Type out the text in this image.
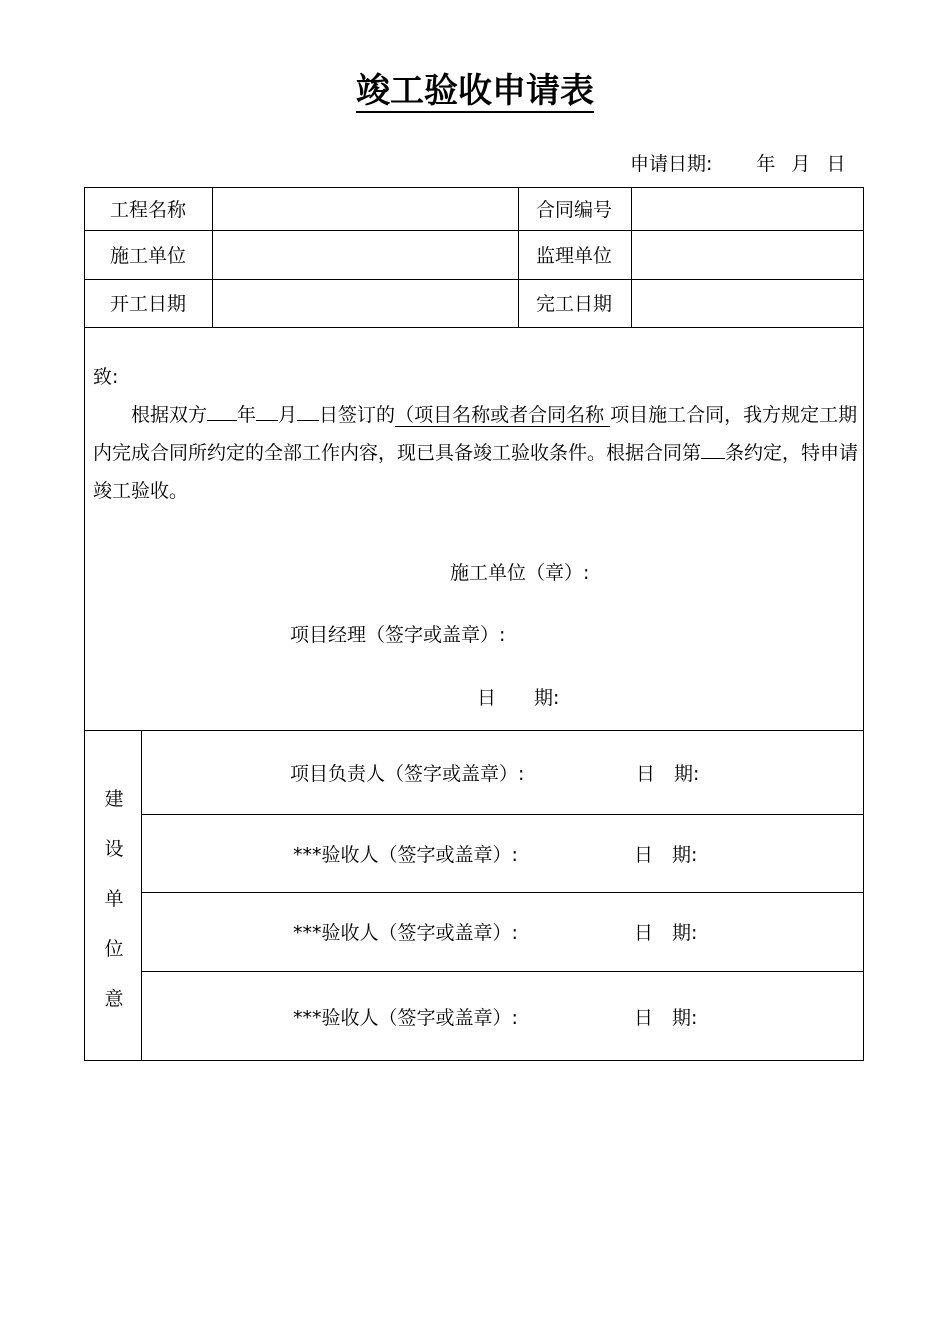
竣工验收申请表
申请日期: 年 月 日
工程名称	合同编号
施工单位	监理单位
开工日期	完工日期

致:

根据双方 年 月 日签订的（项目名称或者合同名称 项目施工合同，我方规定工期内完成合同所约定的全部工作内容，现已具备竣工验收条件。根据合同第 条约定，特申请竣工验收。

施工单位（章）:
项目经理（签字或盖章）:
日　　期:
建
设
单
位
意
项目负责人（签字或盖章）:	日　期:
***验收人（签字或盖章）:	日　期:
***验收人（签字或盖章）:	日　期:
***验收人（签字或盖章）:	日　期:
